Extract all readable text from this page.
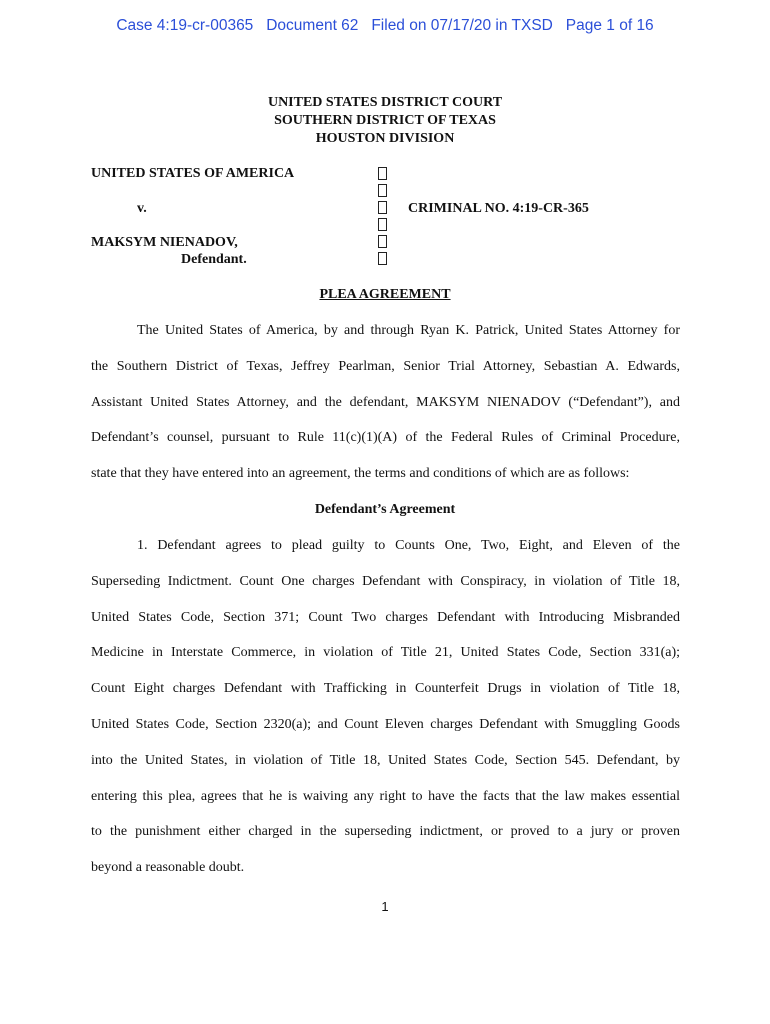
Case 4:19-cr-00365   Document 62   Filed on 07/17/20 in TXSD   Page 1 of 16
UNITED STATES DISTRICT COURT
SOUTHERN DISTRICT OF TEXAS
HOUSTON DIVISION
UNITED STATES OF AMERICA
v.
MAKSYM NIENADOV,
Defendant.
CRIMINAL NO. 4:19-CR-365
PLEA AGREEMENT
The United States of America, by and through Ryan K. Patrick, United States Attorney for
the Southern District of Texas, Jeffrey Pearlman, Senior Trial Attorney, Sebastian A. Edwards,
Assistant United States Attorney, and the defendant, MAKSYM NIENADOV (“Defendant”), and
Defendant’s counsel, pursuant to Rule 11(c)(1)(A) of the Federal Rules of Criminal Procedure,
state that they have entered into an agreement, the terms and conditions of which are as follows:
Defendant’s Agreement
1. Defendant agrees to plead guilty to Counts One, Two, Eight, and Eleven of the
Superseding Indictment. Count One charges Defendant with Conspiracy, in violation of Title 18,
United States Code, Section 371; Count Two charges Defendant with Introducing Misbranded
Medicine in Interstate Commerce, in violation of Title 21, United States Code, Section 331(a);
Count Eight charges Defendant with Trafficking in Counterfeit Drugs in violation of Title 18,
United States Code, Section 2320(a); and Count Eleven charges Defendant with Smuggling Goods
into the United States, in violation of Title 18, United States Code, Section 545. Defendant, by
entering this plea, agrees that he is waiving any right to have the facts that the law makes essential
to the punishment either charged in the superseding indictment, or proved to a jury or proven
beyond a reasonable doubt.
1
